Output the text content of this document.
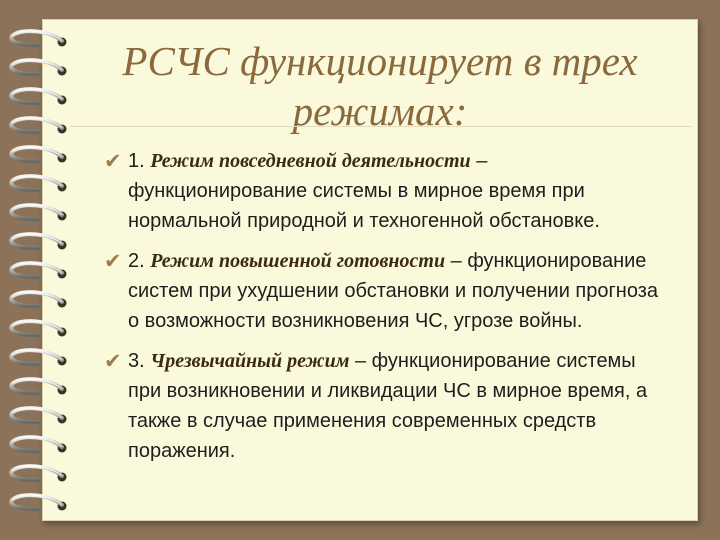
РСЧС функционирует в трех режимах:
✔ 1. Режим повседневной деятельности – функционирование системы в мирное время при нормальной природной и техногенной обстановке.
✔ 2. Режим повышенной готовности – функционирование систем при ухудшении обстановки и получении прогноза о возможности возникновения ЧС, угрозе войны.
✔ 3. Чрезвычайный режим – функционирование системы при возникновении и ликвидации ЧС в мирное время, а также в случае применения современных средств поражения.
